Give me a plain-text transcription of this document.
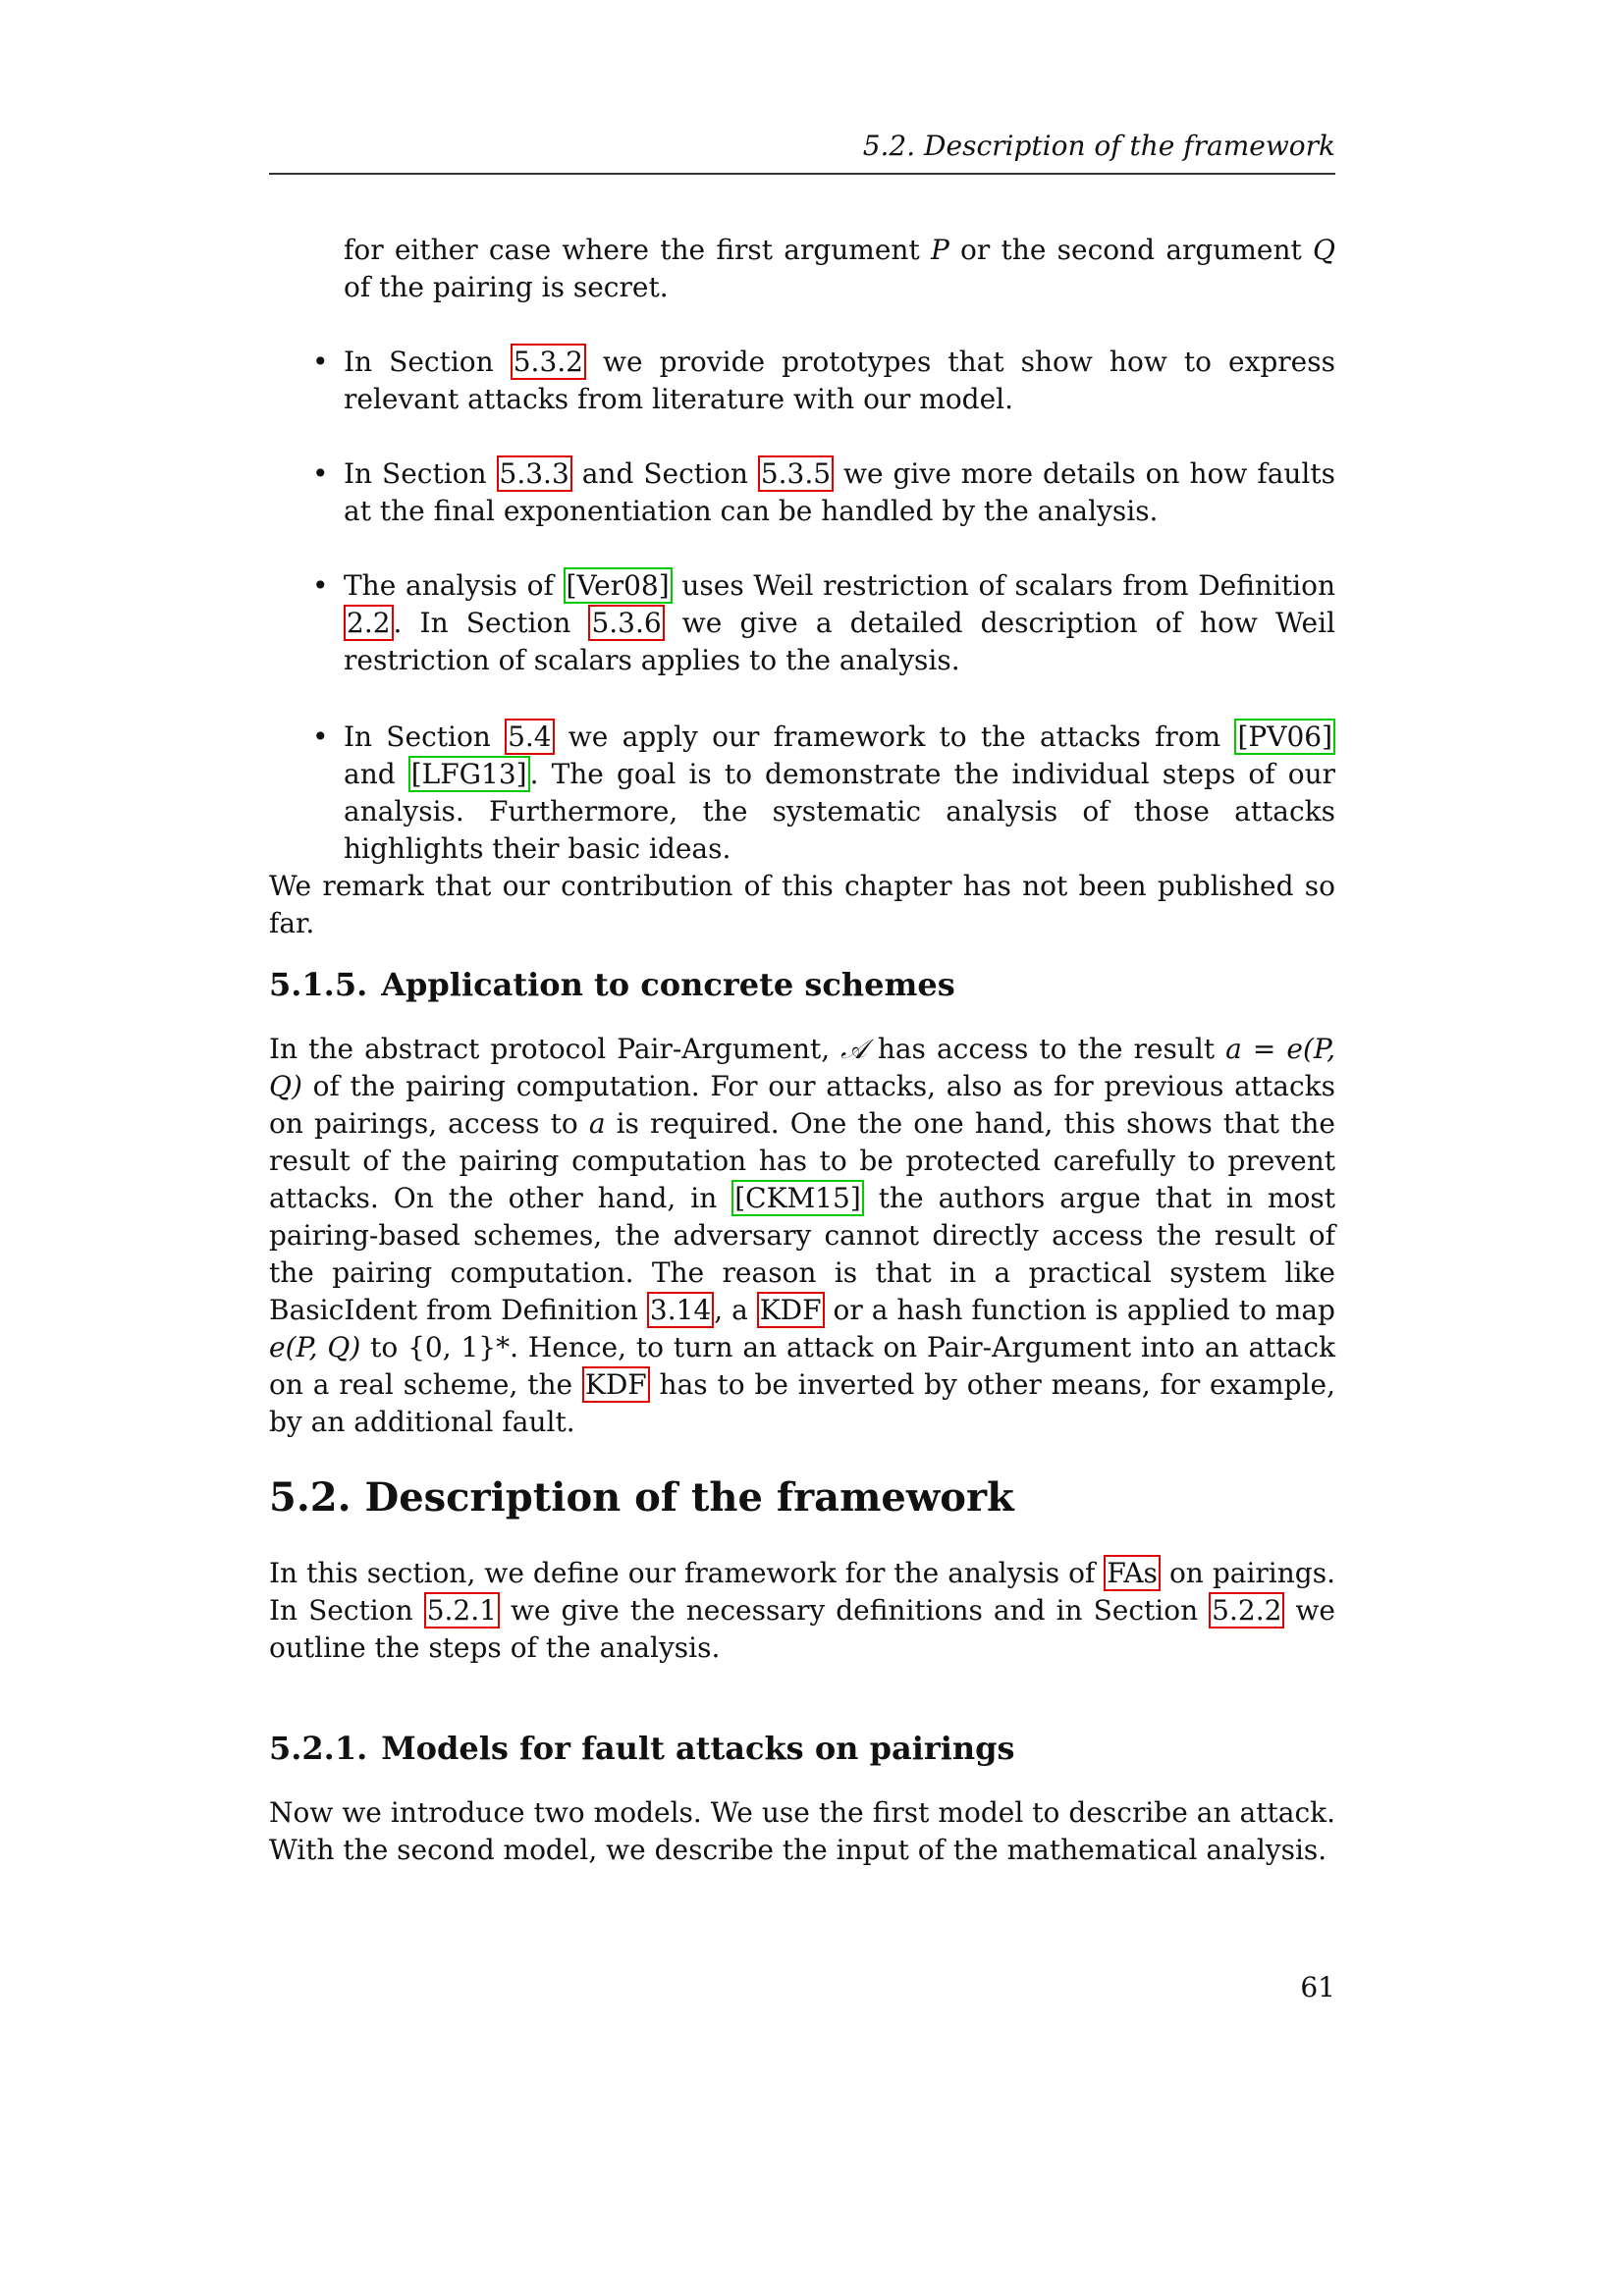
5.2. Description of the framework
for either case where the first argument P or the second argument Q of the pairing is secret.
• In Section 5.3.2 we provide prototypes that show how to express relevant attacks from literature with our model.
• In Section 5.3.3 and Section 5.3.5 we give more details on how faults at the final exponentiation can be handled by the analysis.
• The analysis of [Ver08] uses Weil restriction of scalars from Definition 2.2 . In Section 5.3.6 we give a detailed description of how Weil restriction of scalars applies to the analysis.
• In Section 5.4 we apply our framework to the attacks from [PV06] and [LFG13] . The goal is to demonstrate the individual steps of our analysis. Furthermore, the systematic analysis of those attacks highlights their basic ideas.
We remark that our contribution of this chapter has not been published so far.
5.1.5. Application to concrete schemes
In the abstract protocol Pair-Argument, 𝒜 has access to the result a = e(P, Q) of the pairing computation. For our attacks, also as for previous attacks on pairings, access to a is required. One the one hand, this shows that the result of the pairing computation has to be protected carefully to prevent attacks. On the other hand, in [CKM15] the authors argue that in most pairing-based schemes, the adversary cannot directly access the result of the pairing computation. The reason is that in a practical system like BasicIdent from Definition 3.14 , a KDF or a hash function is applied to map e(P, Q) to {0, 1}*. Hence, to turn an attack on Pair-Argument into an attack on a real scheme, the KDF has to be inverted by other means, for example, by an additional fault.
5.2. Description of the framework
In this section, we define our framework for the analysis of FAs on pairings. In Section 5.2.1 we give the necessary definitions and in Section 5.2.2 we outline the steps of the analysis.
5.2.1. Models for fault attacks on pairings
Now we introduce two models. We use the first model to describe an attack. With the second model, we describe the input of the mathematical analysis.
61
